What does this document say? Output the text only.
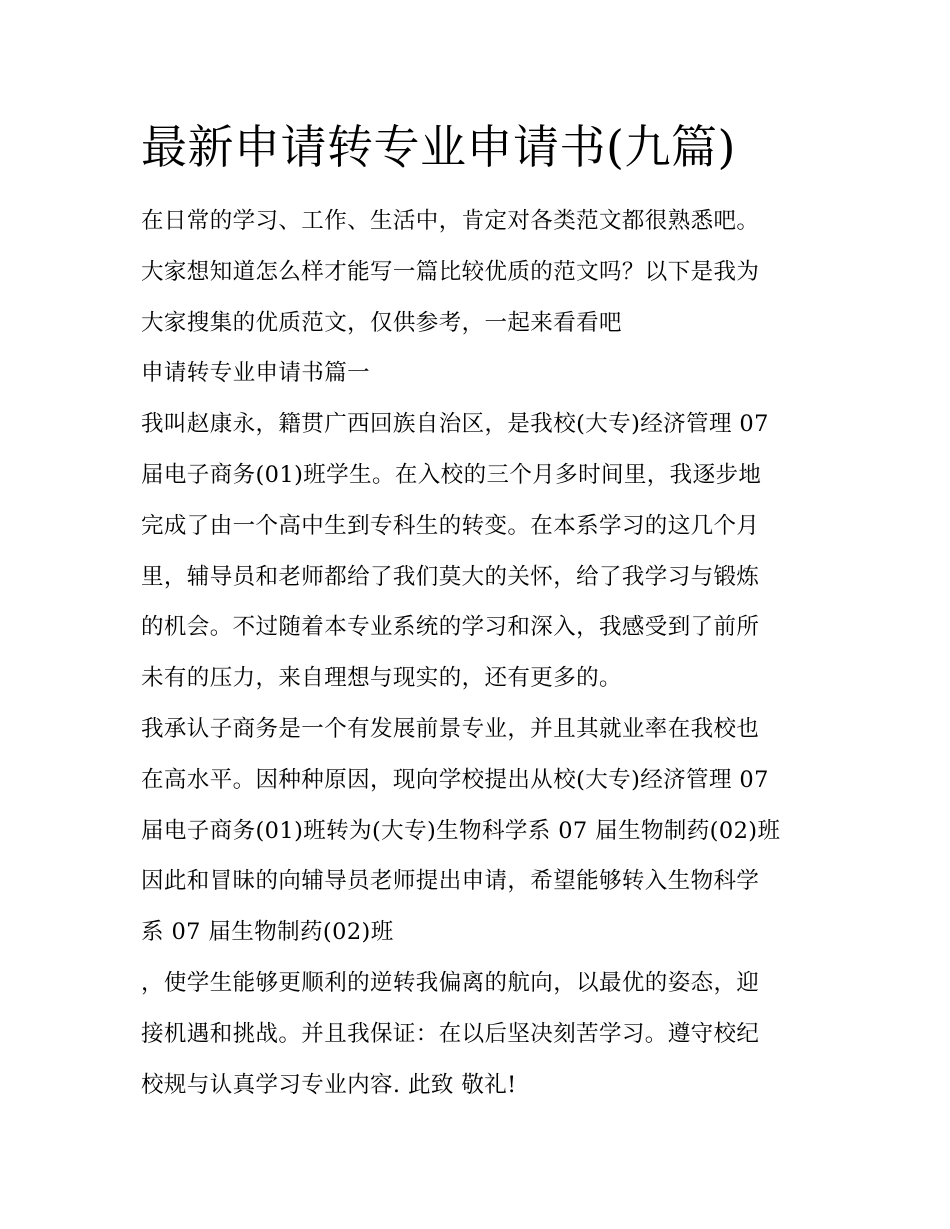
最新申请转专业申请书(九篇)
在日常的学习、工作、生活中，肯定对各类范文都很熟悉吧。
大家想知道怎么样才能写一篇比较优质的范文吗？以下是我为
大家搜集的优质范文，仅供参考，一起来看看吧
申请转专业申请书篇一
我叫赵康永，籍贯广西回族自治区，是我校(大专)经济管理 07
届电子商务(01)班学生。在入校的三个月多时间里，我逐步地
完成了由一个高中生到专科生的转变。在本系学习的这几个月
里，辅导员和老师都给了我们莫大的关怀，给了我学习与锻炼
的机会。不过随着本专业系统的学习和深入，我感受到了前所
未有的压力，来自理想与现实的，还有更多的。
我承认子商务是一个有发展前景专业，并且其就业率在我校也
在高水平。因种种原因，现向学校提出从校(大专)经济管理 07
届电子商务(01)班转为(大专)生物科学系 07 届生物制药(02)班
因此和冒昧的向辅导员老师提出申请，希望能够转入生物科学
系 07 届生物制药(02)班
，使学生能够更顺利的逆转我偏离的航向，以最优的姿态，迎
接机遇和挑战。并且我保证：在以后坚决刻苦学习。遵守校纪
校规与认真学习专业内容. 此致 敬礼!
